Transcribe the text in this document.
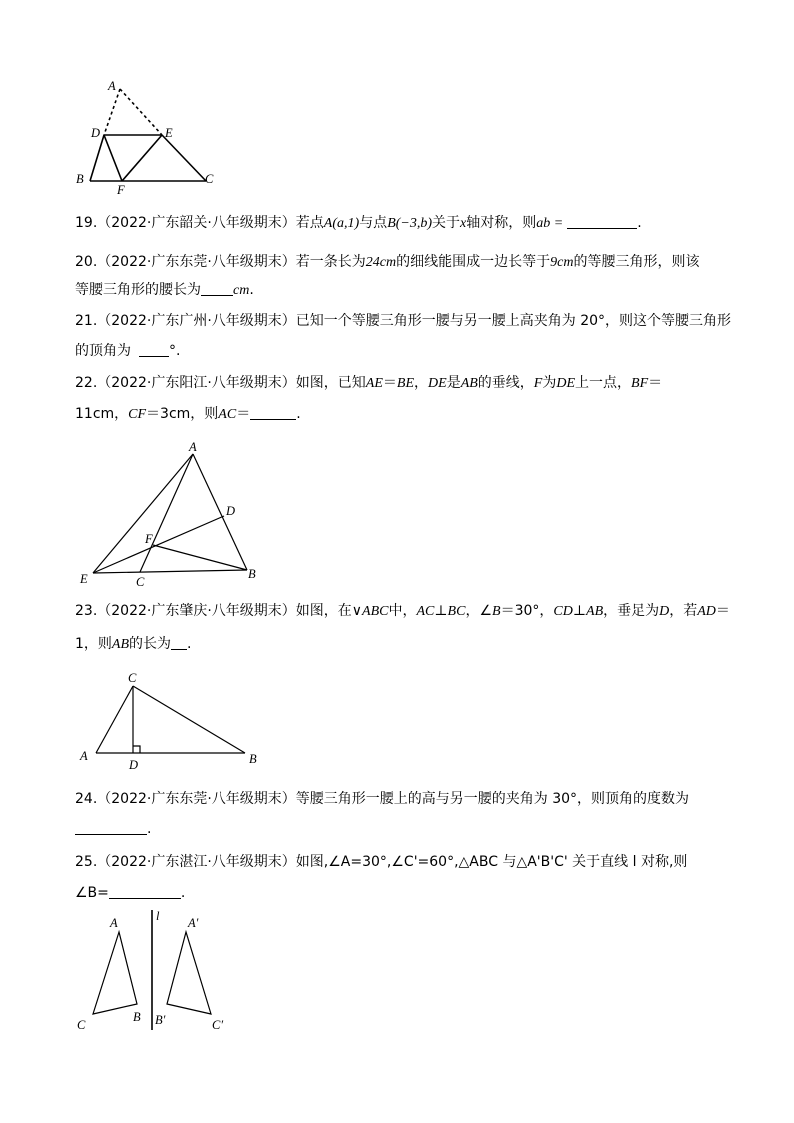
A
D	E
B
F
C
A
D
F
E	C
B
C
A
D	B
A
C
B
l A′
B′	C′
19.（2022·广东韶关·八年级期末）若点A(a,1)与点B(−3,b)关于x轴对称，则ab =	.
20.（2022·广东东莞·八年级期末）若一条长为24cm的细线能围成一边长等于9cm的等腰三角形，则该
等腰三角形的腰长为 cm.
21.（2022·广东广州·八年级期末）已知一个等腰三角形一腰与另一腰上高夹角为 20°，则这个等腰三角形
的顶角为	°.
22.（2022·广东阳江·八年级期末）如图，已知AE＝BE，DE是AB的垂线，F为DE上一点，BF＝
11cm，CF＝3cm，则AC＝	.
23.（2022·广东肇庆·八年级期末）如图，在∨ABC中，AC⊥BC，∠B＝30°，CD⊥AB，垂足为D，若AD＝
1，则AB的长为 .
24.（2022·广东东莞·八年级期末）等腰三角形一腰上的高与另一腰的夹角为 30°，则顶角的度数为
.
25.（2022·广东湛江·八年级期末）如图,∠A=30°,∠C'=60°,△ABC 与△A'B'C' 关于直线 l 对称,则
∠B=	.
